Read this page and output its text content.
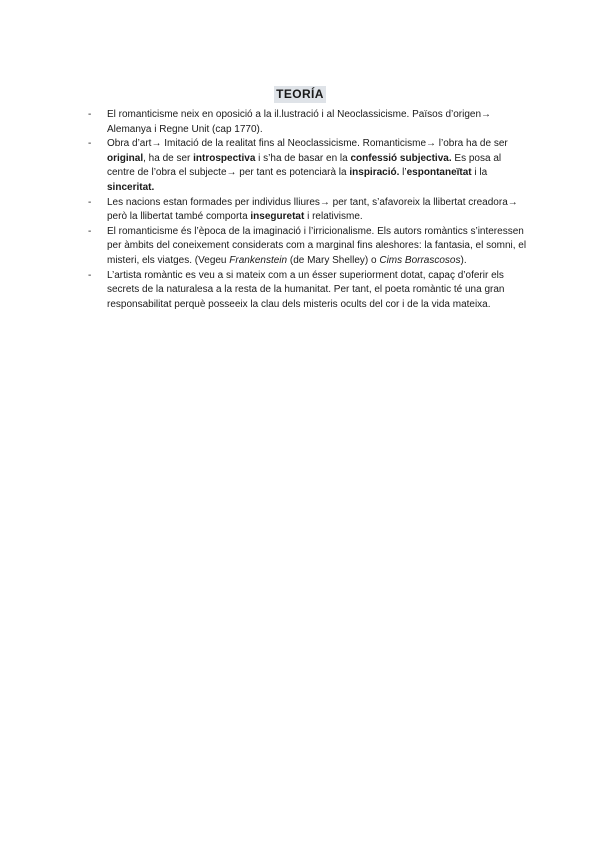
TEORÍA
- El romanticisme neix en oposició a la il.lustració i al Neoclassicisme. Països d’origen→ Alemanya i Regne Unit (cap 1770).
- Obra d’art→ Imitació de la realitat fins al Neoclassicisme. Romanticisme→ l’obra ha de ser original, ha de ser introspectiva i s’ha de basar en la confessió subjectiva. Es posa al centre de l’obra el subjecte→ per tant es potenciarà la inspiració. l’espontaneïtat i la sinceritat.
- Les nacions estan formades per individus lliures→ per tant, s’afavoreix la llibertat creadora→ però la llibertat també comporta inseguretat i relativisme.
- El romanticisme és l’època de la imaginació i l’irricionalisme. Els autors romàntics s’interessen per àmbits del coneixement considerats com a marginal fins aleshores: la fantasia, el somni, el misteri, els viatges. (Vegeu Frankenstein (de Mary Shelley) o Cims Borrascosos).
- L’artista romàntic es veu a si mateix com a un ésser superiorment dotat, capaç d’oferir els secrets de la naturalesa a la resta de la humanitat. Per tant, el poeta romàntic té una gran responsabilitat perquè posseeix la clau dels misteris ocults del cor i de la vida mateixa.
